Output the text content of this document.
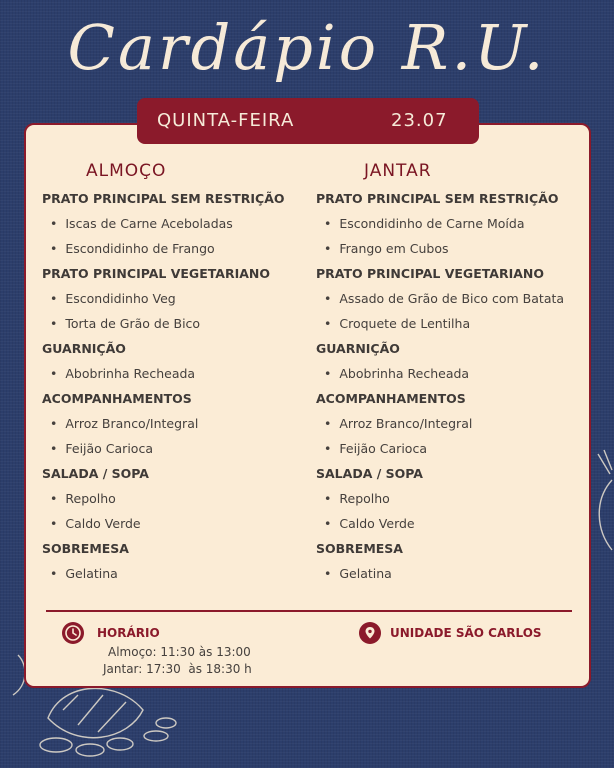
Cardápio R.U.
QUINTA-FEIRA	23.07
ALMOÇO
PRATO PRINCIPAL SEM RESTRIÇÃO
• Iscas de Carne Aceboladas
• Escondidinho de Frango
PRATO PRINCIPAL VEGETARIANO
• Escondidinho Veg
• Torta de Grão de Bico
GUARNIÇÃO
• Abobrinha Recheada
ACOMPANHAMENTOS
• Arroz Branco/Integral
• Feijão Carioca
SALADA / SOPA
• Repolho
• Caldo Verde
SOBREMESA
• Gelatina
JANTAR
PRATO PRINCIPAL SEM RESTRIÇÃO
• Escondidinho de Carne Moída
• Frango em Cubos
PRATO PRINCIPAL VEGETARIANO
• Assado de Grão de Bico com Batata
• Croquete de Lentilha
GUARNIÇÃO
• Abobrinha Recheada
ACOMPANHAMENTOS
• Arroz Branco/Integral
• Feijão Carioca
SALADA / SOPA
• Repolho
• Caldo Verde
SOBREMESA
• Gelatina
HORÁRIO
Almoço: 11:30 às 13:00
Jantar: 17:30  às 18:30 h
UNIDADE SÃO CARLOS
